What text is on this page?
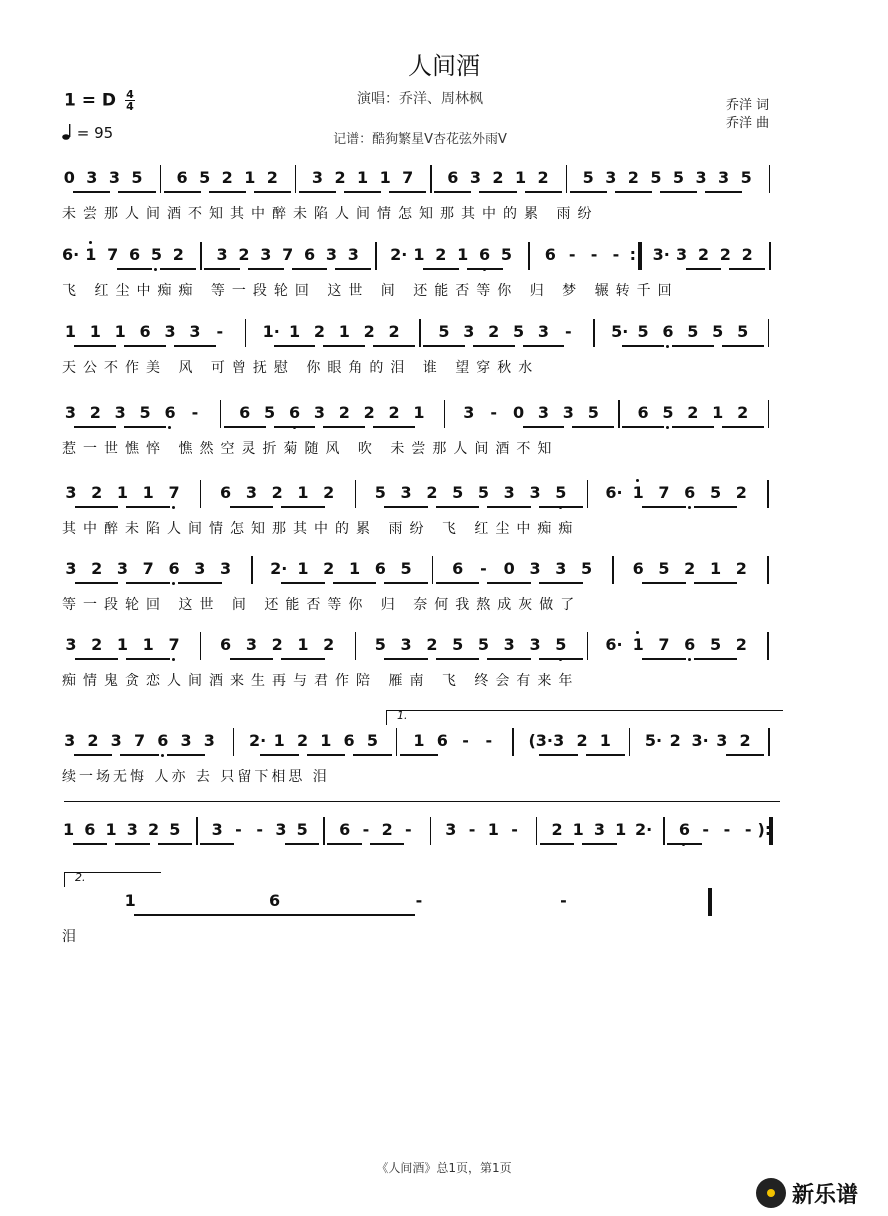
人间酒
1 = D $\frac{4}{4}$
= 95
演唱：乔洋、周林枫
记谱：酷狗繁星V杏花弦外雨V
乔洋 词
乔洋 曲
0 3 3 5 6 5 2 1 2 3 2 1 1 7 6 3 2 1 2 5 3 2 5 5 3 3 5
未尝那人间酒不知其中醉未陷人间情怎知那其中的累 雨纷
6· 1 7 6 5 2 3 2 3 7 6 3 3 2· 1 2 1 6 5 6 - - - : 3· 3 2 2 2
飞 红尘中痴痴 等一段轮回 这世 间 还能否等你 归 梦 辗转千回
1 1 1 6 3 3 - 1· 1 2 1 2 2 5 3 2 5 3 - 5· 5 6 5 5 5
天公不作美 风 可曾抚慰 你眼角的泪 谁 望穿秋水
3 2 3 5 6 -	6 5 6 3 2 2 2 1 3 - 0 3 3 5 6 5 2 1 2
惹一世憔悴 憔然空灵折菊随风 吹 未尝那人间酒不知
3 2 1 1 7	6 3 2 1 2	5 3 2 5 5 3 3 5 6· 1 7 6 5 2
其中醉未陷人间情怎知那其中的累 雨纷 飞 红尘中痴痴
3 2 3 7 6 3 3 2· 1 2 1 6 5	6 - 0 3 3 5	6 5 2 1 2
等一段轮回 这世 间 还能否等你 归 奈何我熬成灰做了
3 2 1 1 7	6 3 2 1 2	5 3 2 5 5 3 3 5 6· 1 7 6 5 2
痴情鬼贪恋人间酒来生再与君作陪 雁南 飞 终会有来年
3 2 3 7 6 3 3 2· 1 2 1 6 5 1 6 - - (3· 3 2 1 5· 2 3· 3 2
续一场无悔 人亦 去 只留下相思 泪
1 6 1 3 2 5 3 - - 3 5 6 - 2 - 3 - 1 - 2 1 3 1 2· 6 - - - ):
1	6	-	-
泪
1.
2.
《人间酒》总1页，第1页
新乐谱
